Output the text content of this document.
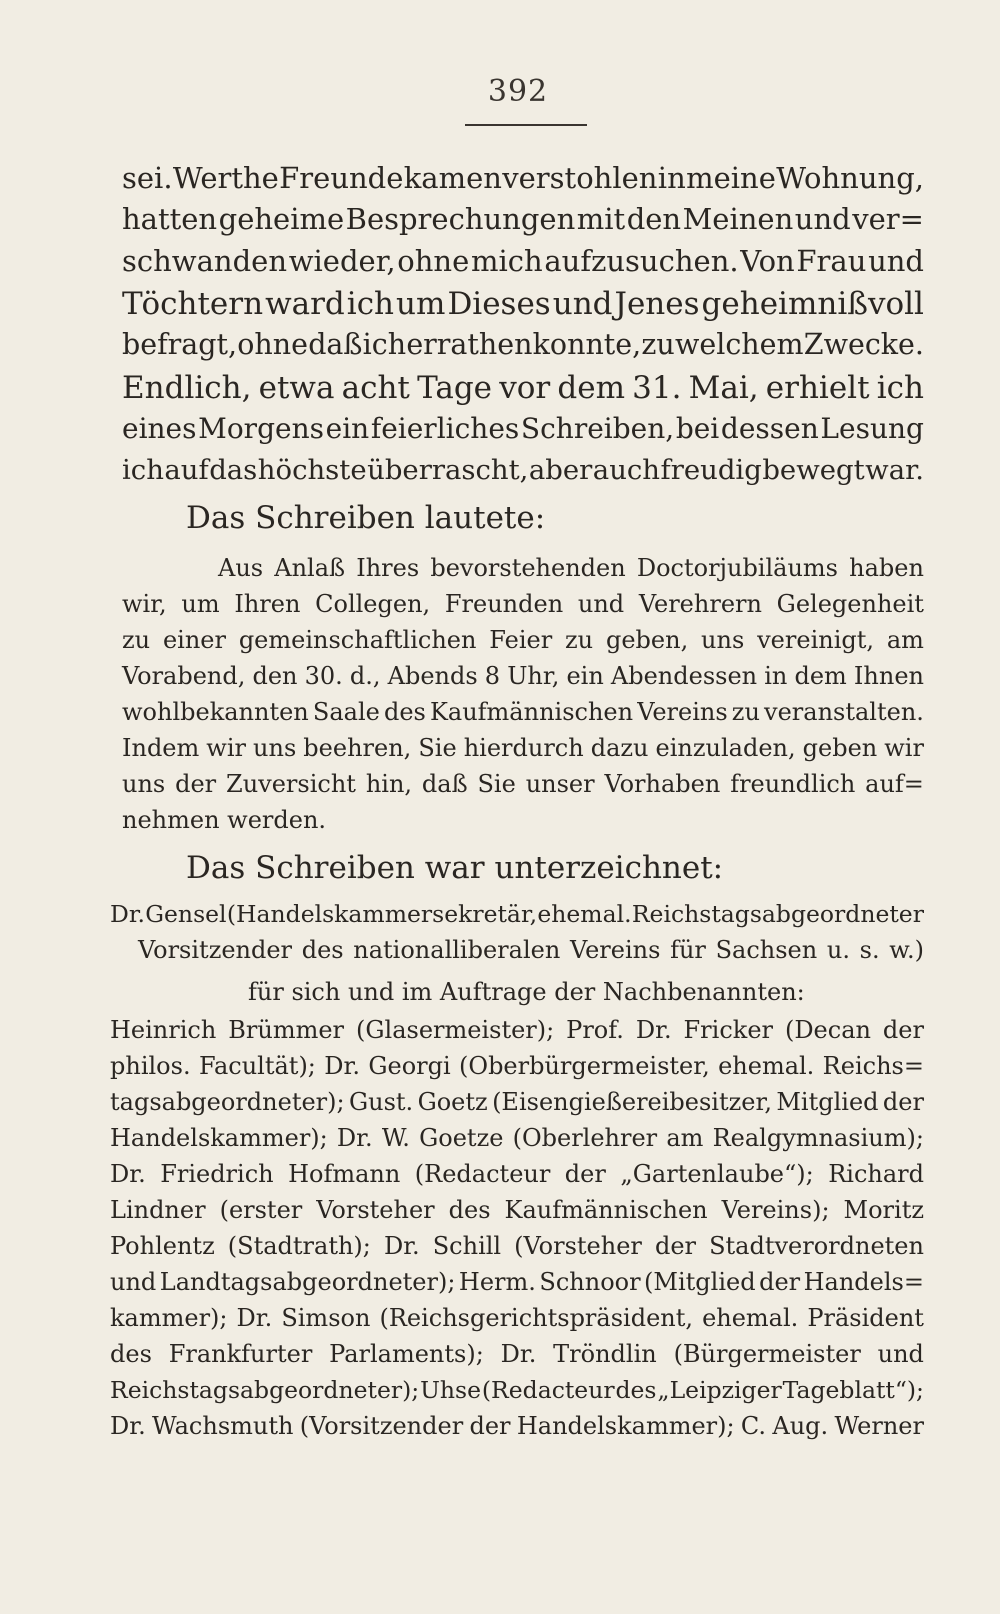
392
sei. Werthe Freunde kamen verstohlen in meine Wohnung,
hatten geheime Besprechungen mit den Meinen und ver=
schwanden wieder, ohne mich aufzusuchen. Von Frau und
Töchtern ward ich um Dieses und Jenes geheimnißvoll
befragt, ohne daß ich errathen konnte, zu welchem Zwecke.
Endlich, etwa acht Tage vor dem 31. Mai, erhielt ich
eines Morgens ein feierliches Schreiben, bei dessen Lesung
ich auf das höchste überrascht, aber auch freudig bewegt war.
Das Schreiben lautete:
Aus Anlaß Ihres bevorstehenden Doctorjubiläums haben
wir, um Ihren Collegen, Freunden und Verehrern Gelegenheit
zu einer gemeinschaftlichen Feier zu geben, uns vereinigt, am
Vorabend, den 30. d., Abends 8 Uhr, ein Abendessen in dem Ihnen
wohlbekannten Saale des Kaufmännischen Vereins zu veranstalten.
Indem wir uns beehren, Sie hierdurch dazu einzuladen, geben wir
uns der Zuversicht hin, daß Sie unser Vorhaben freundlich auf=
nehmen werden.
Das Schreiben war unterzeichnet:
Dr. Gensel (Handelskammersekretär, ehemal. Reichstagsabgeordneter
Vorsitzender des nationalliberalen Vereins für Sachsen u. s. w.)
für sich und im Auftrage der Nachbenannten:
Heinrich Brümmer (Glasermeister); Prof. Dr. Fricker (Decan der
philos. Facultät); Dr. Georgi (Oberbürgermeister, ehemal. Reichs=
tagsabgeordneter); Gust. Goetz (Eisengießereibesitzer, Mitglied der
Handelskammer); Dr. W. Goetze (Oberlehrer am Realgymnasium);
Dr. Friedrich Hofmann (Redacteur der „Gartenlaube“); Richard
Lindner (erster Vorsteher des Kaufmännischen Vereins); Moritz
Pohlentz (Stadtrath); Dr. Schill (Vorsteher der Stadtverordneten
und Landtagsabgeordneter); Herm. Schnoor (Mitglied der Handels=
kammer); Dr. Simson (Reichsgerichtspräsident, ehemal. Präsident
des Frankfurter Parlaments); Dr. Tröndlin (Bürgermeister und
Reichstagsabgeordneter); Uhse (Redacteur des „Leipziger Tageblatt“);
Dr. Wachsmuth (Vorsitzender der Handelskammer); C. Aug. Werner
